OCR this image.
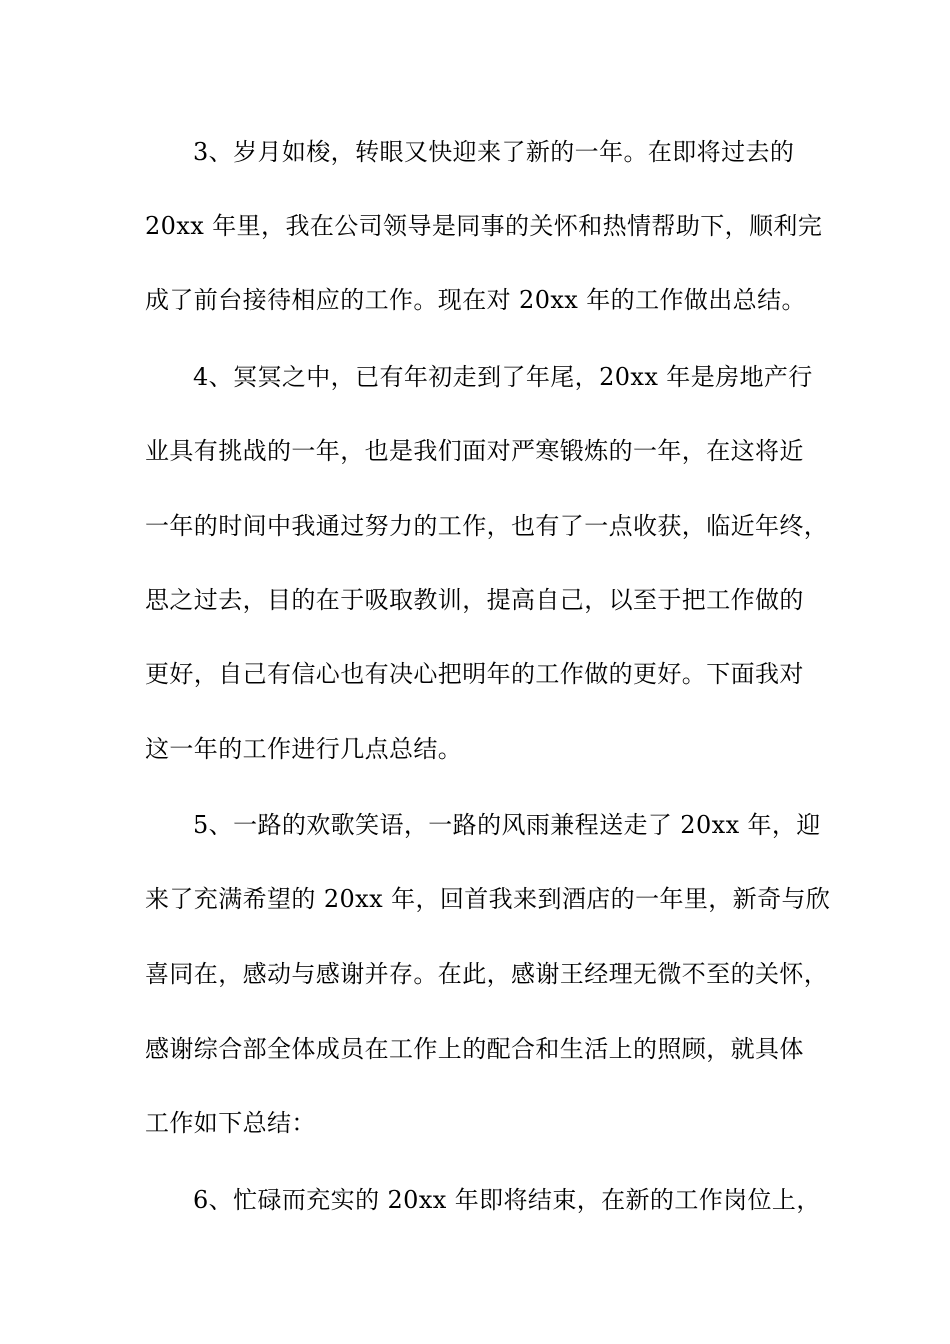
3、岁月如梭，转眼又快迎来了新的一年。在即将过去的
20xx 年里，我在公司领导是同事的关怀和热情帮助下，顺利完
成了前台接待相应的工作。现在对 20xx 年的工作做出总结。
4、冥冥之中，已有年初走到了年尾，20xx 年是房地产行
业具有挑战的一年，也是我们面对严寒锻炼的一年，在这将近
一年的时间中我通过努力的工作，也有了一点收获，临近年终，
思之过去，目的在于吸取教训，提高自己，以至于把工作做的
更好，自己有信心也有决心把明年的工作做的更好。下面我对
这一年的工作进行几点总结。
5、一路的欢歌笑语，一路的风雨兼程送走了 20xx 年，迎
来了充满希望的 20xx 年，回首我来到酒店的一年里，新奇与欣
喜同在，感动与感谢并存。在此，感谢王经理无微不至的关怀，
感谢综合部全体成员在工作上的配合和生活上的照顾，就具体
工作如下总结：
6、忙碌而充实的 20xx 年即将结束，在新的工作岗位上，
